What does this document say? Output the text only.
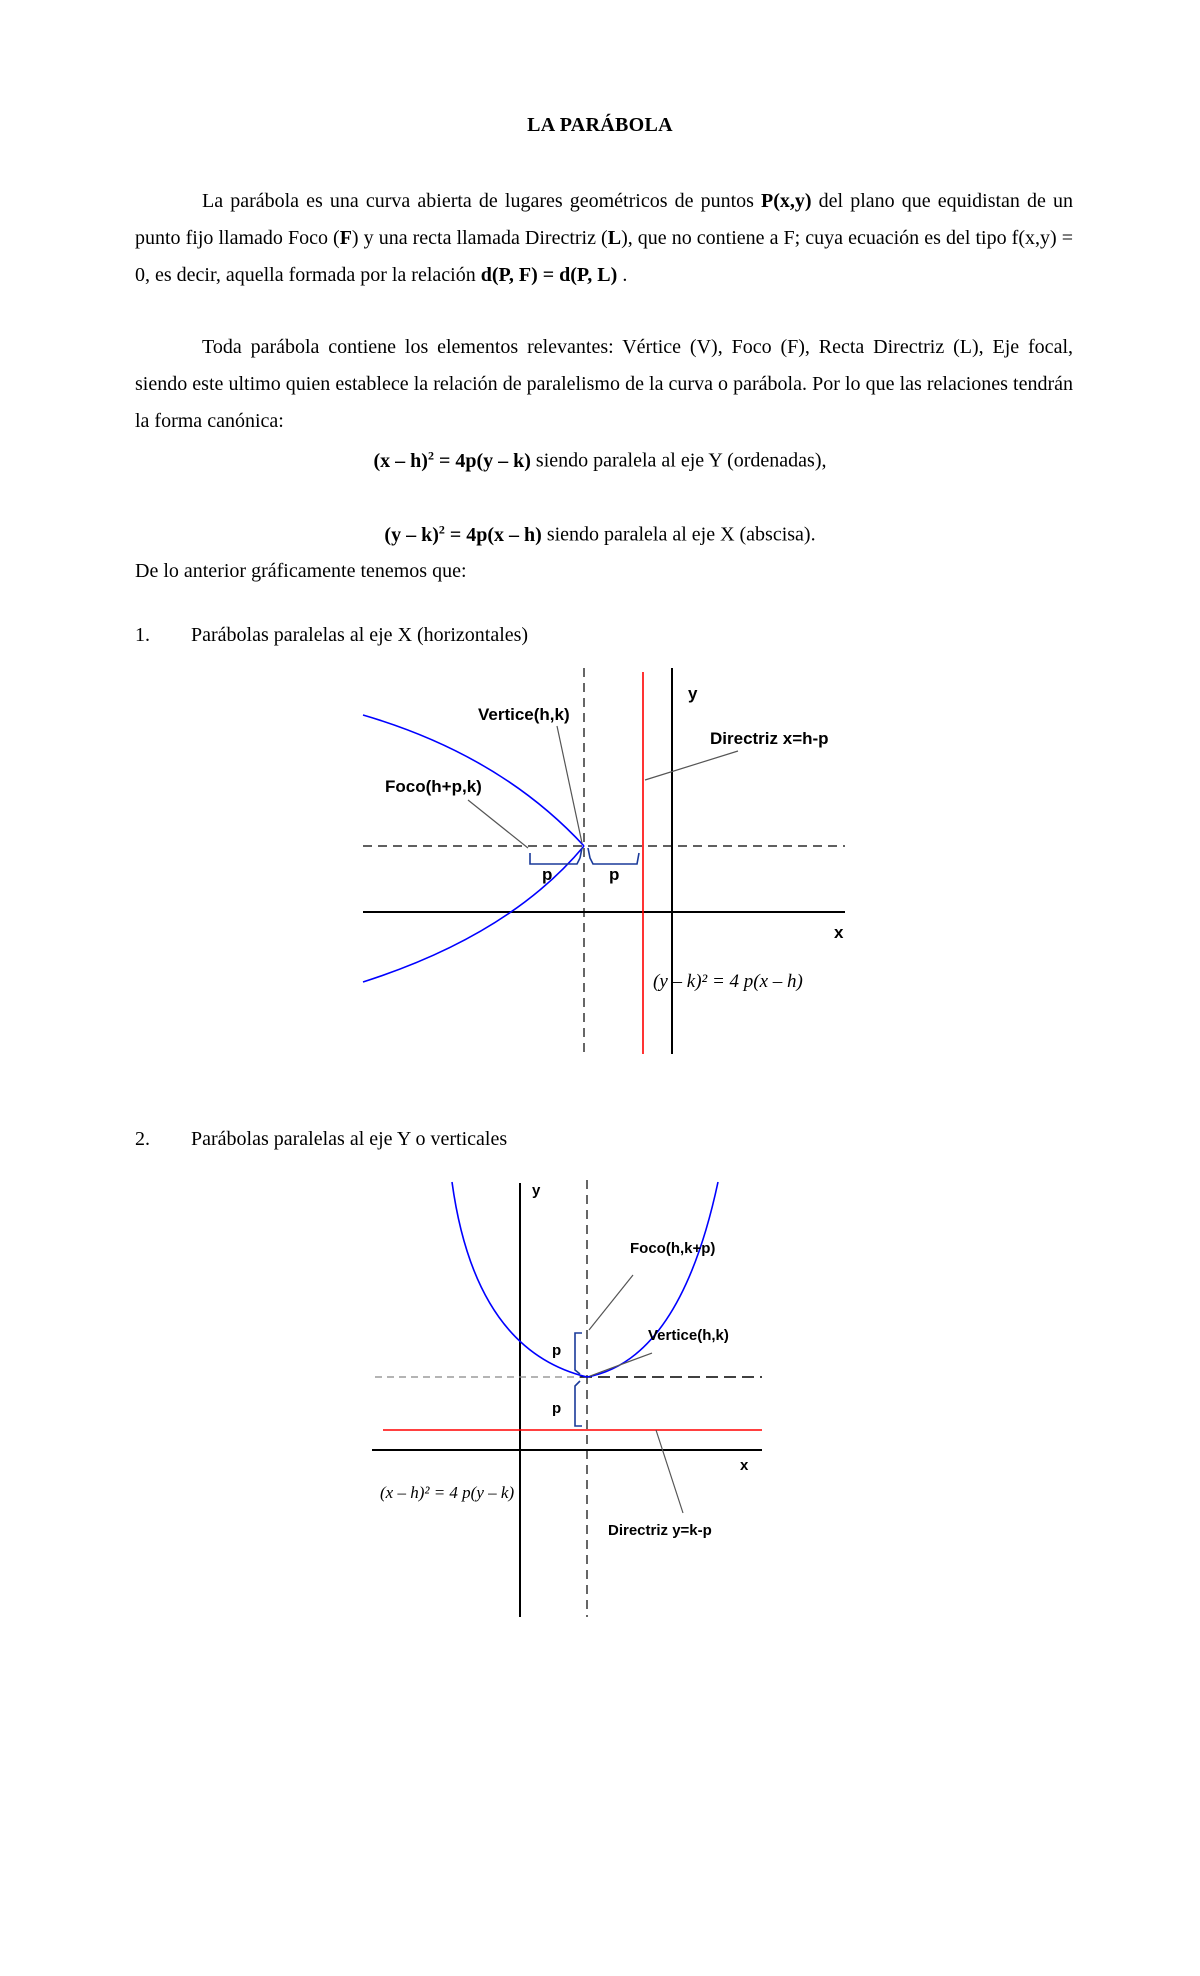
LA PARÁBOLA
La parábola es una curva abierta de lugares geométricos de puntos P(x,y) del plano que equidistan de un punto fijo llamado Foco (F) y una recta llamada Directriz (L), que no contiene a F; cuya ecuación es del tipo f(x,y) = 0, es decir, aquella formada por la relación d(P, F) = d(P, L) .
Toda parábola contiene los elementos relevantes: Vértice (V), Foco (F), Recta Directriz (L), Eje focal, siendo este ultimo quien establece la relación de paralelismo de la curva o parábola. Por lo que las relaciones tendrán la forma canónica:
(x – h)$^2$ = 4p(y – k) siendo paralela al eje Y (ordenadas),
(y – k)$^2$ = 4p(x – h) siendo paralela al eje X (abscisa).
De lo anterior gráficamente tenemos que:
1. Parábolas paralelas al eje X (horizontales)
y
x
Vertice(h,k)
Foco(h+p,k)
Directriz x=h-p
p	p
(y – k)² = 4 p(x – h)
2. Parábolas paralelas al eje Y o verticales
y
x
Foco(h,k+p)
Vertice(h,k)
Directriz y=k-p
p
p
(x – h)² = 4 p(y – k)
